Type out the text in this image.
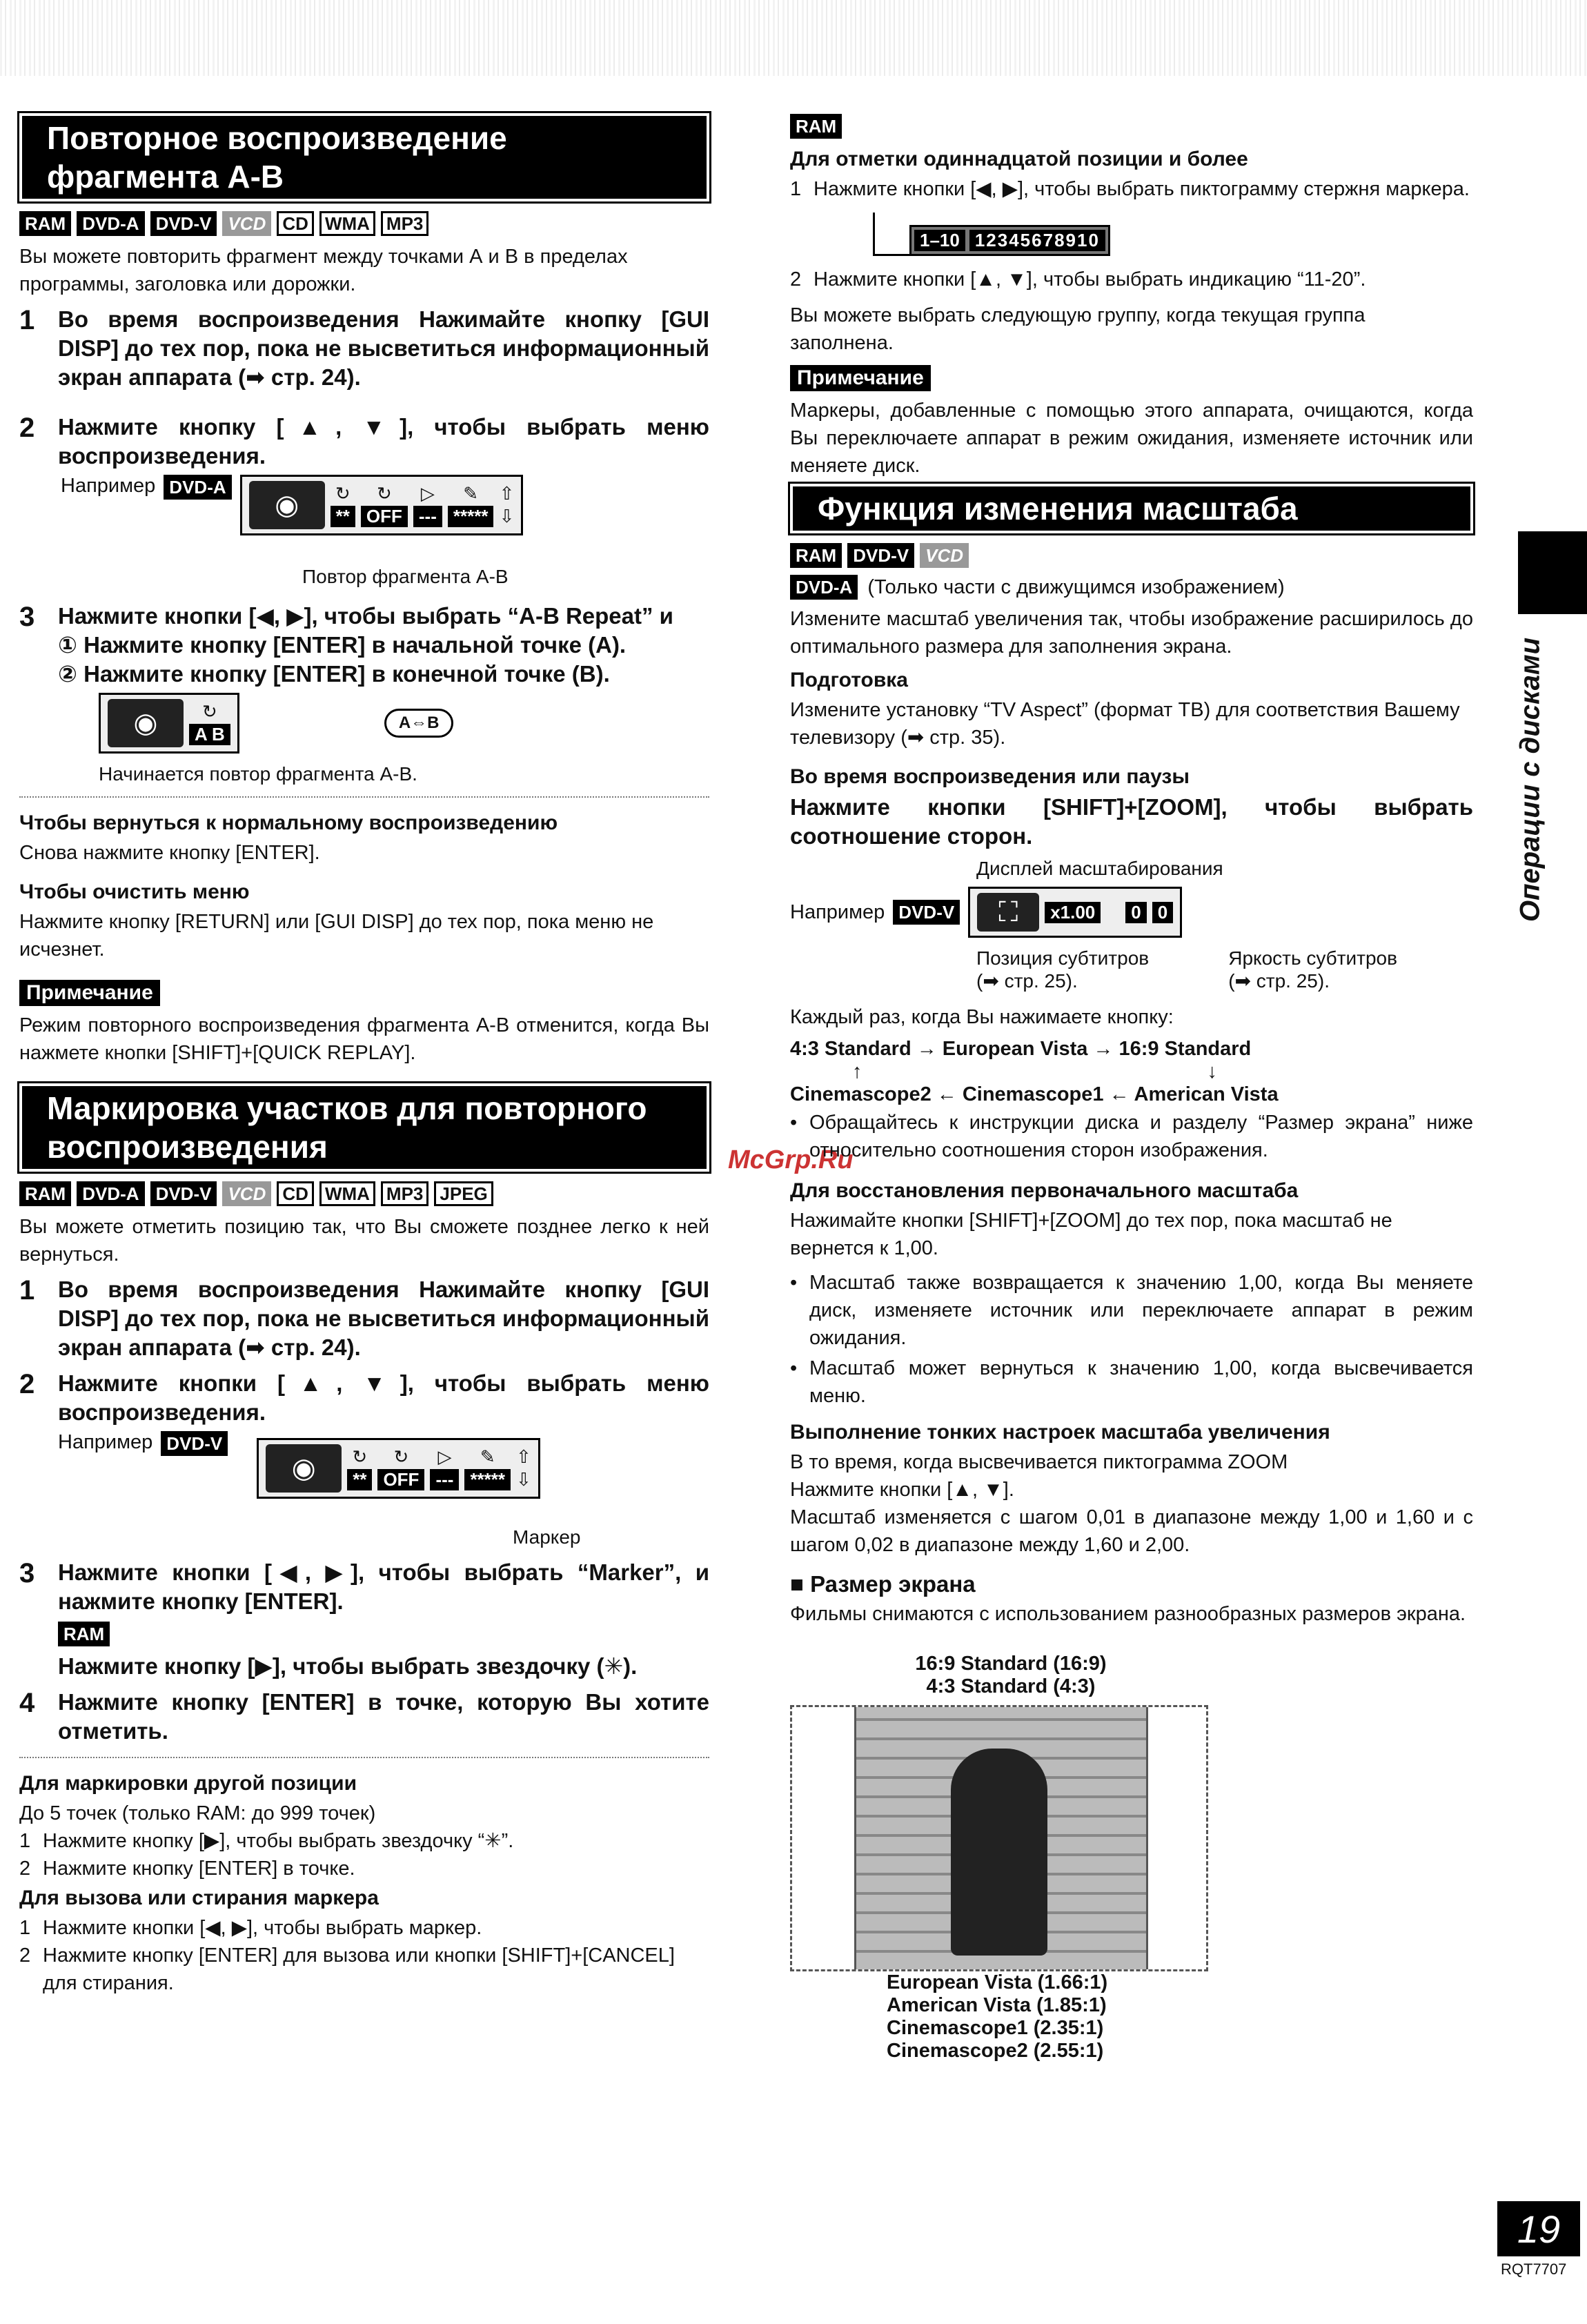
Повторное воспроизведение фрагмента А-В
RAM DVD-A DVD-V VCD CD WMA MP3

Вы можете повторить фрагмент между точками А и В в пределах программы, заголовка или дорожки.

1	Во время воспроизведения Нажимайте кнопку [GUI DISP] до тех пор, пока не высветиться информационный экран аппарата (➡ стр. 24).
2	Нажмите кнопку [▲, ▼], чтобы выбрать меню воспроизведения.
Например DVD-A
◉	↻
**
↻
OFF
▷
---
✎
*****
⇧
⇩
Повтор фрагмента А-В
3	Нажмите кнопки [◀, ▶], чтобы выбрать “A-B Repeat” и
① Нажмите кнопку [ENTER] в начальной точке (А).
② Нажмите кнопку [ENTER] в конечной точке (В).
◉	↻
A B
A⇔B
Начинается повтор фрагмента А-В.
Чтобы вернуться к нормальному воспроизведению

Снова нажмите кнопку [ENTER].

Чтобы очистить меню

Нажмите кнопку [RETURN] или [GUI DISP] до тех пор, пока меню не исчезнет.

Примечание

Режим повторного воспроизведения фрагмента А-В отменится, когда Вы нажмете кнопки [SHIFT]+[QUICK REPLAY].

Маркировка участков для повторного воспроизведения
RAM DVD-A DVD-V VCD CD WMA MP3 JPEG

Вы можете отметить позицию так, что Вы сможете позднее легко к ней вернуться.

1	Во время воспроизведения Нажимайте кнопку [GUI DISP] до тех пор, пока не высветиться информационный экран аппарата (➡ стр. 24).
2	Нажмите кнопки [▲, ▼], чтобы выбрать меню воспроизведения.
Например DVD-V
◉	↻
**
↻
OFF
▷
---
✎
*****
⇧
⇩
Маркер
3	Нажмите кнопки [◀, ▶], чтобы выбрать “Marker”, и нажмите кнопку [ENTER].
RAM
Нажмите кнопку [▶], чтобы выбрать звездочку (✳).
4	Нажмите кнопку [ENTER] в точке, которую Вы хотите отметить.
Для маркировки другой позиции

До 5 точек (только RAM: до 999 точек)

1 Нажмите кнопку [▶], чтобы выбрать звездочку “✳”.
2 Нажмите кнопку [ENTER] в точке.
Для вызова или стирания маркера
1 Нажмите кнопки [◀, ▶], чтобы выбрать маркер.
2 Нажмите кнопку [ENTER] для вызова или кнопки [SHIFT]+[CANCEL] для стирания.
McGrp.Ru
RAM
Для отметки одиннадцатой позиции и более
1 Нажмите кнопки [◀, ▶], чтобы выбрать пиктограмму стержня маркера.
1–10 12345678910
2 Нажмите кнопки [▲, ▼], чтобы выбрать индикацию “11-20”.

Вы можете выбрать следующую группу, когда текущая группа заполнена.

Примечание

Маркеры, добавленные с помощью этого аппарата, очищаются, когда Вы переключаете аппарат в режим ожидания, изменяете источник или меняете диск.

Функция изменения масштаба
RAM DVD-V VCD
DVD-A (Только части с движущимся изображением)

Измените масштаб увеличения так, чтобы изображение расширилось до оптимального размера для заполнения экрана.

Подготовка

Измените установку “TV Aspect” (формат ТВ) для соответствия Вашему телевизору (➡ стр. 35).

Во время воспроизведения или паузы
Нажмите кнопки [SHIFT]+[ZOOM], чтобы выбрать соотношение сторон.
Дисплей масштабирования
Например DVD-V	⛶	x1.00	0 0
Позиция субтитров
(➡ стр. 25).
Яркость субтитров
(➡ стр. 25).

Каждый раз, когда Вы нажимаете кнопку:

4:3 Standard → European Vista → 16:9 Standard
↑	↓
Cinemascope2 ← Cinemascope1 ← American Vista
• Обращайтесь к инструкции диска и разделу “Размер экрана” ниже относительно соотношения сторон изображения.
Для восстановления первоначального масштаба

Нажимайте кнопки [SHIFT]+[ZOOM] до тех пор, пока масштаб не вернется к 1,00.

• Масштаб также возвращается к значению 1,00, когда Вы меняете диск, изменяете источник или переключаете аппарат в режим ожидания.
• Масштаб может вернуться к значению 1,00, когда высвечивается меню.
Выполнение тонких настроек масштаба увеличения

В то время, когда высвечивается пиктограмма ZOOM

Нажмите кнопки [▲, ▼].

Масштаб изменяется с шагом 0,01 в диапазоне между 1,00 и 1,60 и с шагом 0,02 в диапазоне между 1,60 и 2,00.

■ Размер экрана

Фильмы снимаются с использованием разнообразных размеров экрана.

16:9 Standard (16:9)
4:3 Standard (4:3)
European Vista (1.66:1)
American Vista (1.85:1)
Cinemascope1 (2.35:1)
Cinemascope2 (2.55:1)
Операции с дисками
19
RQT7707
